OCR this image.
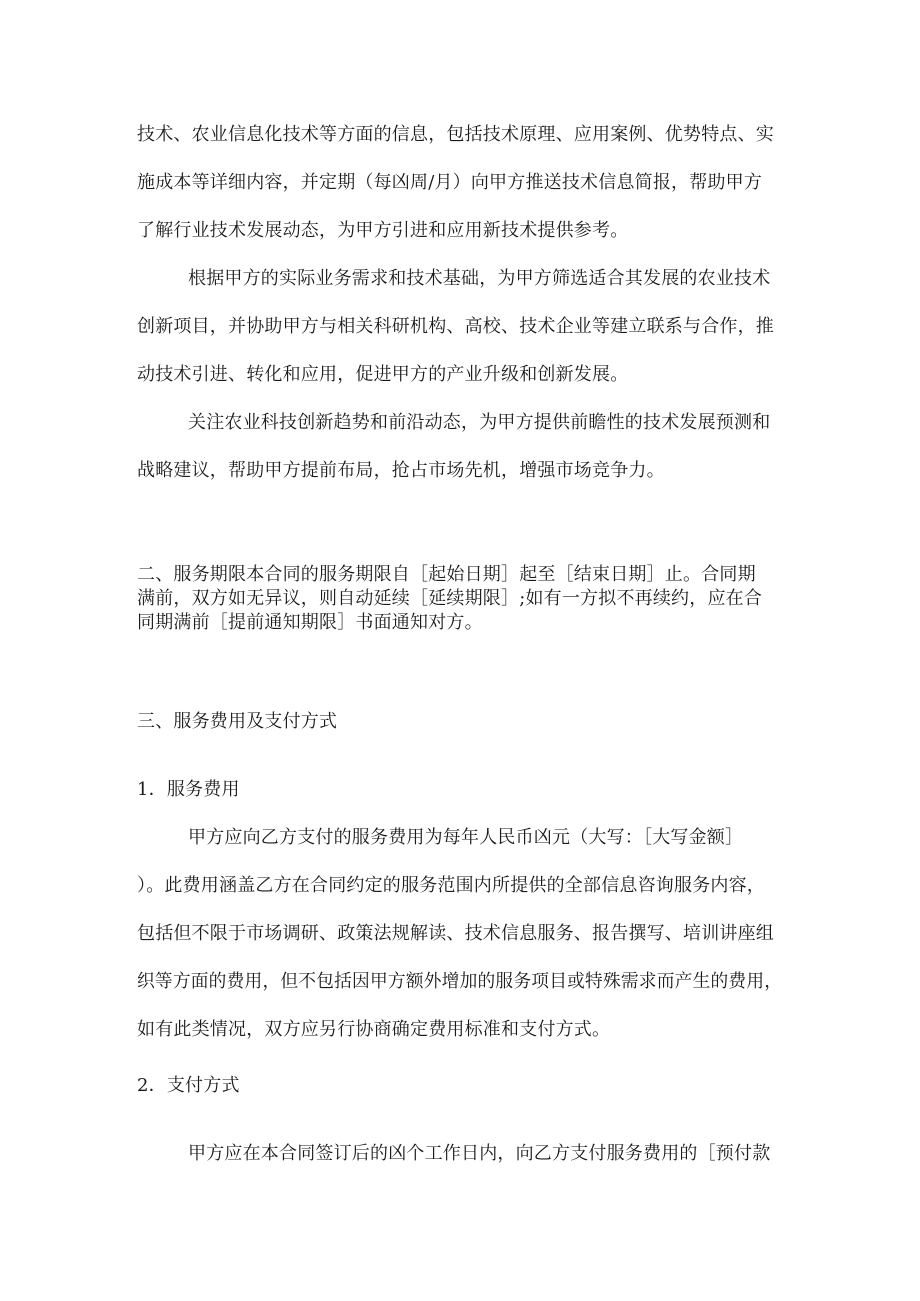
技术、农业信息化技术等方面的信息，包括技术原理、应用案例、优势特点、实
施成本等详细内容，并定期（每凶周/月）向甲方推送技术信息简报，帮助甲方
了解行业技术发展动态，为甲方引进和应用新技术提供参考。
根据甲方的实际业务需求和技术基础，为甲方筛选适合其发展的农业技术
创新项目，并协助甲方与相关科研机构、高校、技术企业等建立联系与合作，推
动技术引进、转化和应用，促进甲方的产业升级和创新发展。
关注农业科技创新趋势和前沿动态，为甲方提供前瞻性的技术发展预测和
战略建议，帮助甲方提前布局，抢占市场先机，增强市场竞争力。
二、服务期限本合同的服务期限自［起始日期］起至［结束日期］止。合同期
满前，双方如无异议，则自动延续［延续期限］;如有一方拟不再续约，应在合
同期满前［提前通知期限］书面通知对方。
三、服务费用及支付方式
1．服务费用
甲方应向乙方支付的服务费用为每年人民币凶元（大写：［大写金额］
）。此费用涵盖乙方在合同约定的服务范围内所提供的全部信息咨询服务内容，
包括但不限于市场调研、政策法规解读、技术信息服务、报告撰写、培训讲座组
织等方面的费用，但不包括因甲方额外增加的服务项目或特殊需求而产生的费用，
如有此类情况，双方应另行协商确定费用标准和支付方式。
2．支付方式
甲方应在本合同签订后的凶个工作日内，向乙方支付服务费用的［预付款
